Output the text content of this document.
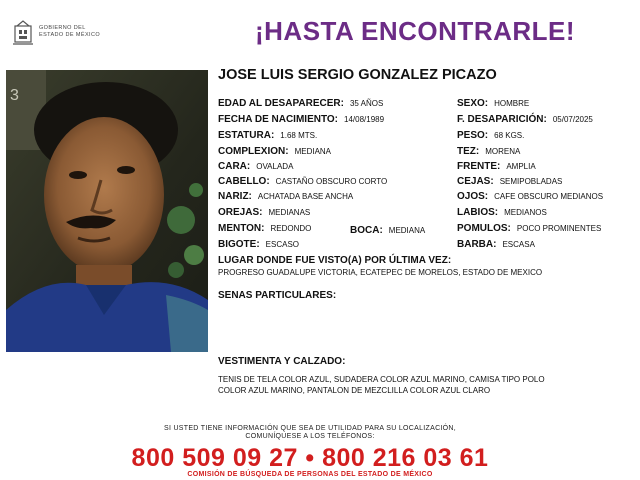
GOBIERNO DEL
ESTADO DE MÉXICO	¡HASTA ENCONTRARLE!
3
JOSE LUIS SERGIO GONZALEZ PICAZO
EDAD AL DESAPARECER: 35 AÑOS
FECHA DE NACIMIENTO: 14/08/1989
ESTATURA: 1.68 MTS.
COMPLEXION: MEDIANA
CARA: OVALADA
CABELLO: CASTAÑO OBSCURO CORTO
NARIZ: ACHATADA BASE ANCHA
OREJAS: MEDIANAS
MENTON: REDONDO	BOCA: MEDIANA
BIGOTE: ESCASO
SEXO: HOMBRE
F. DESAPARICIÓN: 05/07/2025
PESO: 68 KGS.
TEZ: MORENA
FRENTE: AMPLIA
CEJAS: SEMIPOBLADAS
OJOS: CAFE OBSCURO MEDIANOS
LABIOS: MEDIANOS
POMULOS: POCO PROMINENTES
BARBA: ESCASA
LUGAR DONDE FUE VISTO(A) POR ÚLTIMA VEZ:
PROGRESO GUADALUPE VICTORIA, ECATEPEC DE MORELOS, ESTADO DE MEXICO
SENAS PARTICULARES:
VESTIMENTA Y CALZADO:
TENIS DE TELA COLOR AZUL, SUDADERA COLOR AZUL MARINO, CAMISA TIPO POLO
COLOR AZUL MARINO, PANTALON DE MEZCLILLA COLOR AZUL CLARO
SI USTED TIENE INFORMACIÓN QUE SEA DE UTILIDAD PARA SU LOCALIZACIÓN,
COMUNÍQUESE A LOS TELÉFONOS:
800 509 09 27 • 800 216 03 61
COMISIÓN DE BÚSQUEDA DE PERSONAS DEL ESTADO DE MÉXICO
